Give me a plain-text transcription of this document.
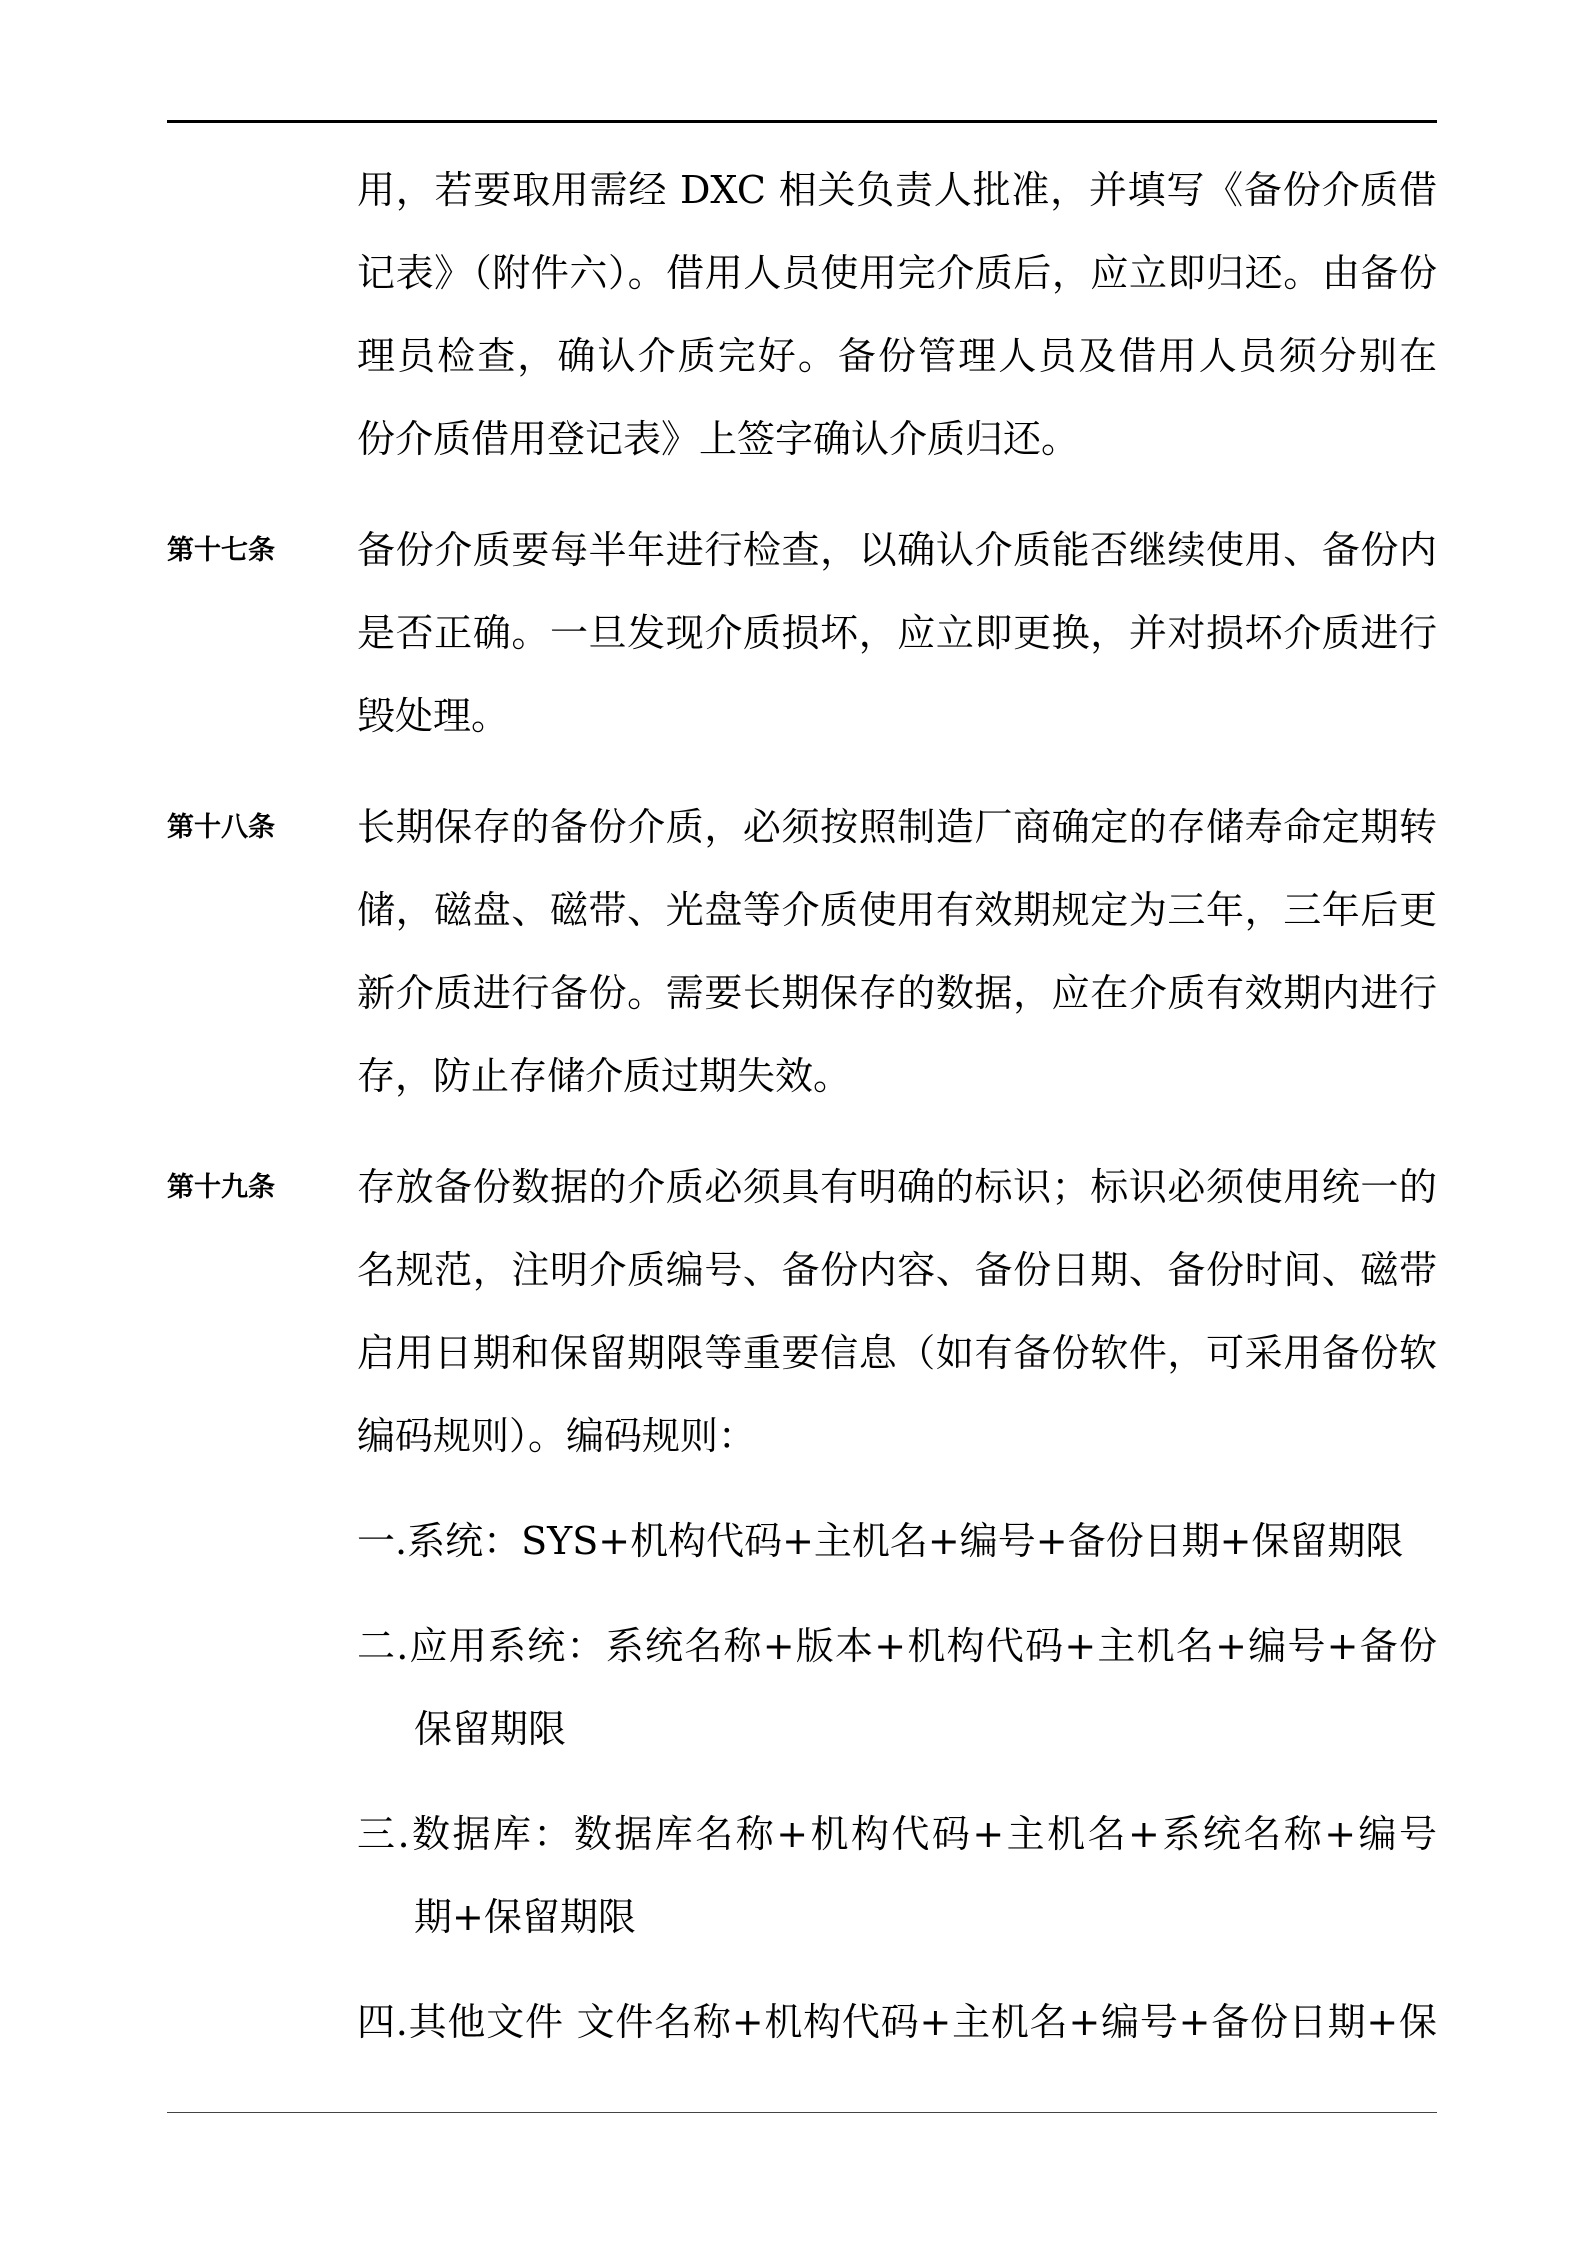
用，若要取用需经 DXC 相关负责人批准，并填写《备份介质借
记表》（附件六）。借用人员使用完介质后，应立即归还。由备份
理员检查，确认介质完好。备份管理人员及借用人员须分别在
份介质借用登记表》上签字确认介质归还。
第十七条 备份介质要每半年进行检查，以确认介质能否继续使用、备份内
是否正确。一旦发现介质损坏，应立即更换，并对损坏介质进行
毁处理。
第十八条 长期保存的备份介质，必须按照制造厂商确定的存储寿命定期转
储，磁盘、磁带、光盘等介质使用有效期规定为三年，三年后更
新介质进行备份。需要长期保存的数据，应在介质有效期内进行
存，防止存储介质过期失效。
第十九条 存放备份数据的介质必须具有明确的标识；标识必须使用统一的
名规范，注明介质编号、备份内容、备份日期、备份时间、磁带
启用日期和保留期限等重要信息（如有备份软件，可采用备份软
编码规则）。编码规则：
一.系统：SYS+机构代码+主机名+编号+备份日期+保留期限
二.应用系统：系统名称+版本+机构代码+主机名+编号+备份
保留期限
三.数据库：数据库名称+机构代码+主机名+系统名称+编号
期+保留期限
四.其他文件 文件名称+机构代码+主机名+编号+备份日期+保
